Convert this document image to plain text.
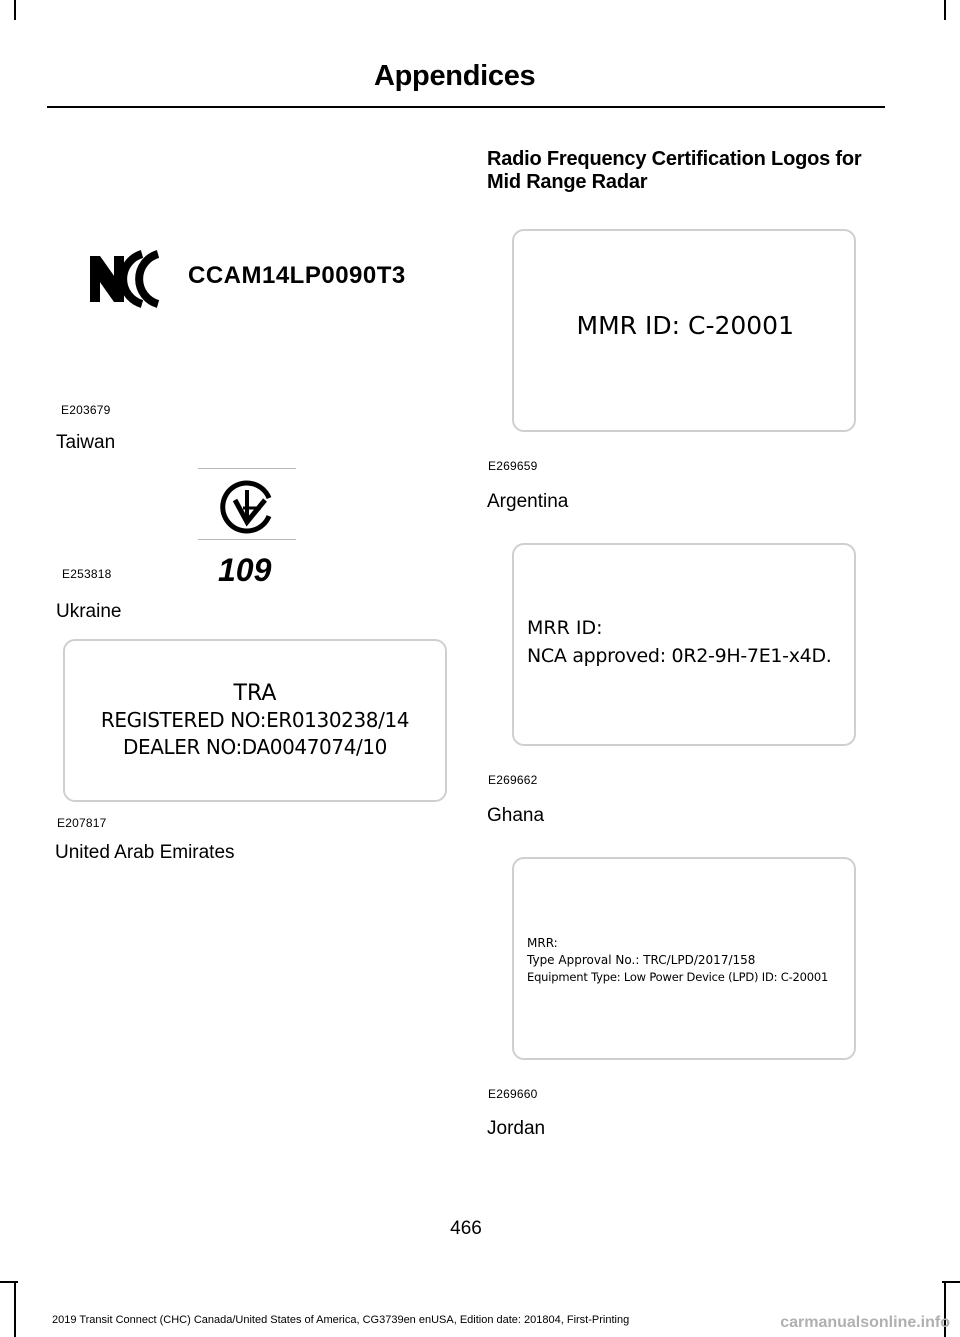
Appendices
CCAM14LP0090T3
E203679
Taiwan
109
E253818
Ukraine
TRA
REGISTERED NO:ER0130238/14
DEALER NO:DA0047074/10
E207817
United Arab Emirates
Radio Frequency Certification Logos for Mid Range Radar
MMR ID: C-20001
E269659
Argentina
MRR ID:
NCA approved: 0R2-9H-7E1-x4D.
E269662
Ghana
MRR:
Type Approval No.: TRC/LPD/2017/158
Equipment Type: Low Power Device (LPD) ID: C-20001
E269660
Jordan
466
2019 Transit Connect (CHC) Canada/United States of America, CG3739en enUSA, Edition date: 201804, First-Printing	carmanualsonline.info
